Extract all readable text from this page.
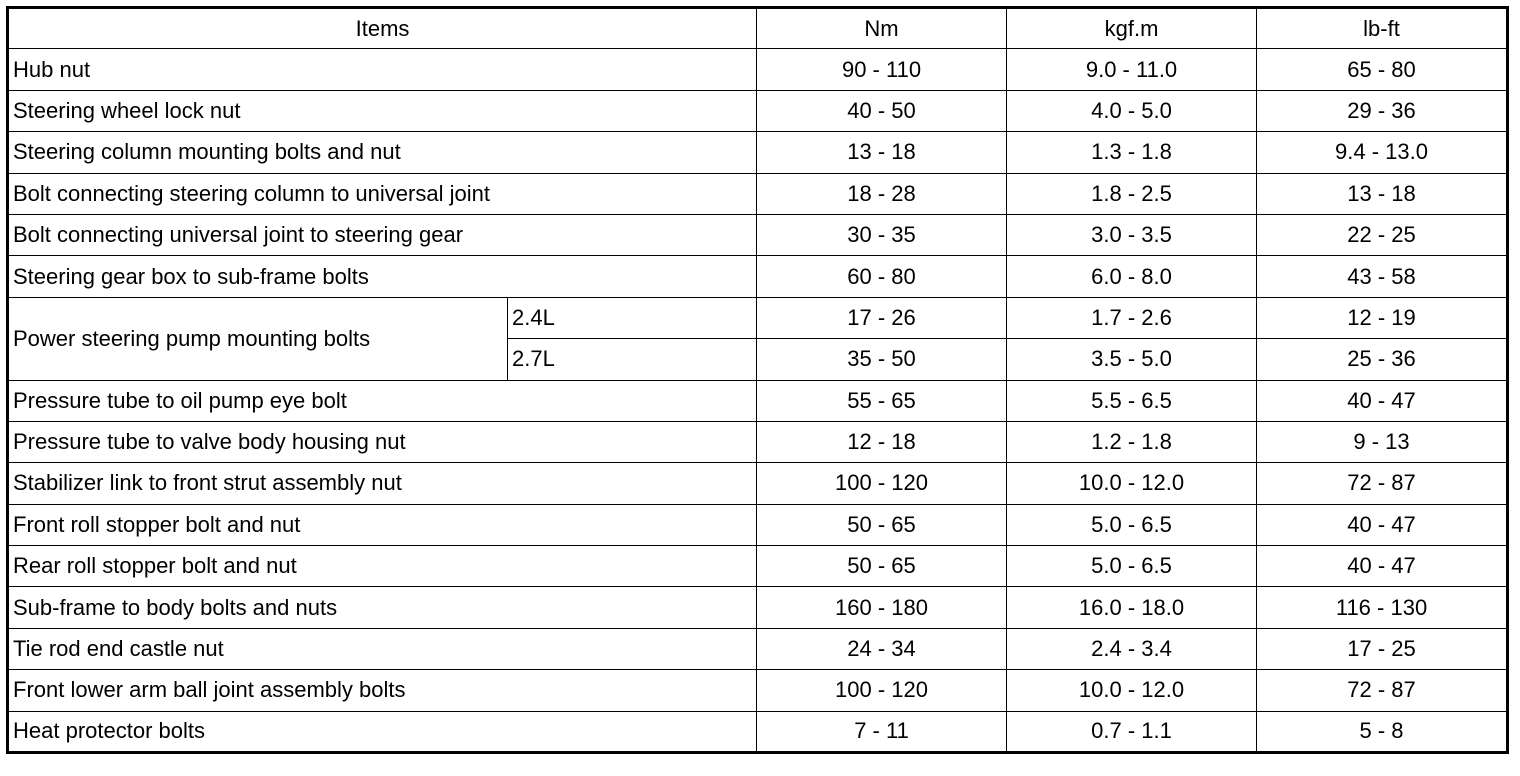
Items		Nm	kgf.m	lb-ft
Hub nut		90 - 110	9.0 - 11.0	65 - 80
Steering wheel lock nut		40 - 50	4.0 - 5.0	29 - 36
Steering column mounting bolts and nut		13 - 18	1.3 - 1.8	9.4 - 13.0
Bolt connecting steering column to universal joint		18 - 28	1.8 - 2.5	13 - 18
Bolt connecting universal joint to steering gear		30 - 35	3.0 - 3.5	22 - 25
Steering gear box to sub-frame bolts		60 - 80	6.0 - 8.0	43 - 58
Power steering pump mounting bolts	2.4L	17 - 26	1.7 - 2.6	12 - 19
	2.7L	35 - 50	3.5 - 5.0	25 - 36
Pressure tube to oil pump eye bolt		55 - 65	5.5 - 6.5	40 - 47
Pressure tube to valve body housing nut		12 - 18	1.2 - 1.8	9 - 13
Stabilizer link to front strut assembly nut		100 - 120	10.0 - 12.0	72 - 87
Front roll stopper bolt and nut		50 - 65	5.0 - 6.5	40 - 47
Rear roll stopper bolt and nut		50 - 65	5.0 - 6.5	40 - 47
Sub-frame to body bolts and nuts		160 - 180	16.0 - 18.0	116 - 130
Tie rod end castle nut		24 - 34	2.4 - 3.4	17 - 25
Front lower arm ball joint assembly bolts		100 - 120	10.0 - 12.0	72 - 87
Heat protector bolts		7 - 11	0.7 - 1.1	5 - 8
